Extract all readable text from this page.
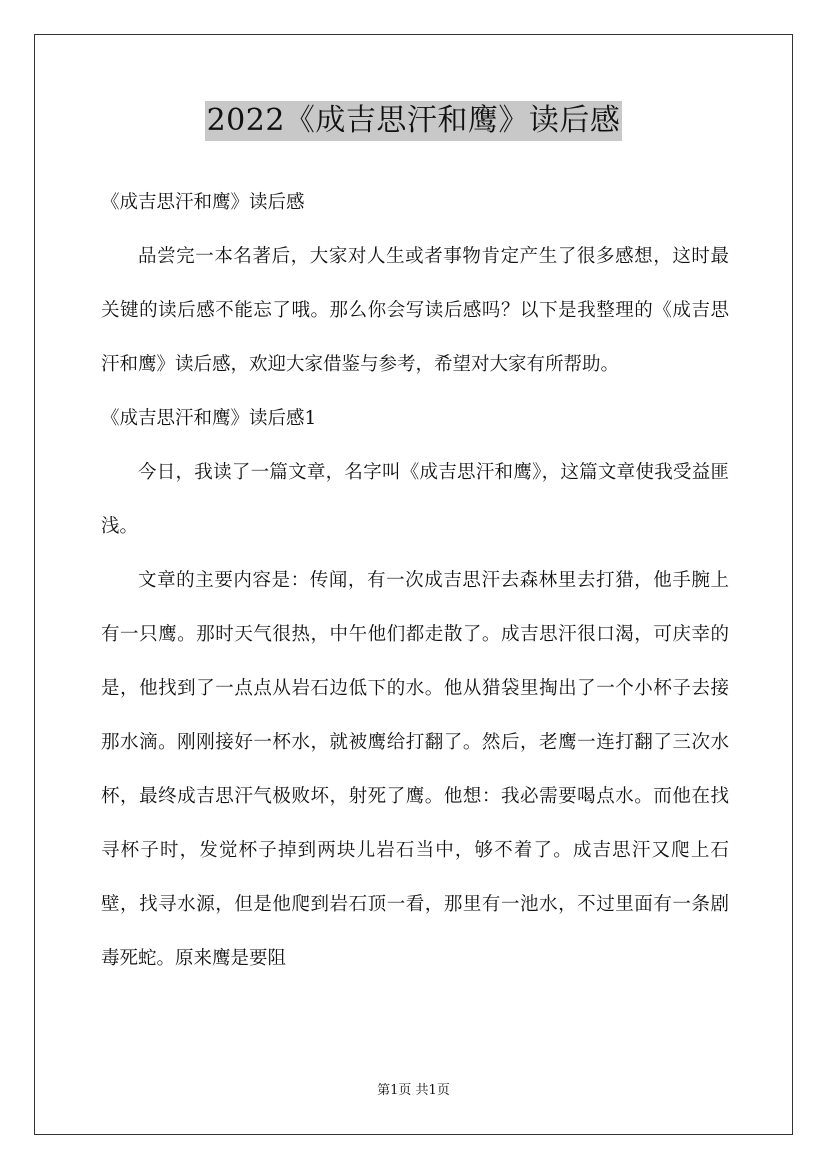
2022《成吉思汗和鹰》读后感

《成吉思汗和鹰》读后感

品尝完一本名著后，大家对人生或者事物肯定产生了很多感想，这时最关键的读后感不能忘了哦。那么你会写读后感吗？以下是我整理的《成吉思汗和鹰》读后感，欢迎大家借鉴与参考，希望对大家有所帮助。

《成吉思汗和鹰》读后感1

今日，我读了一篇文章，名字叫《成吉思汗和鹰》，这篇文章使我受益匪浅。

文章的主要内容是：传闻，有一次成吉思汗去森林里去打猎，他手腕上有一只鹰。那时天气很热，中午他们都走散了。成吉思汗很口渴，可庆幸的是，他找到了一点点从岩石边低下的水。他从猎袋里掏出了一个小杯子去接那水滴。刚刚接好一杯水，就被鹰给打翻了。然后，老鹰一连打翻了三次水杯，最终成吉思汗气极败坏，射死了鹰。他想：我必需要喝点水。而他在找寻杯子时，发觉杯子掉到两块儿岩石当中，够不着了。成吉思汗又爬上石壁，找寻水源，但是他爬到岩石顶一看，那里有一池水，不过里面有一条剧毒死蛇。原来鹰是要阻

第1页 共1页
